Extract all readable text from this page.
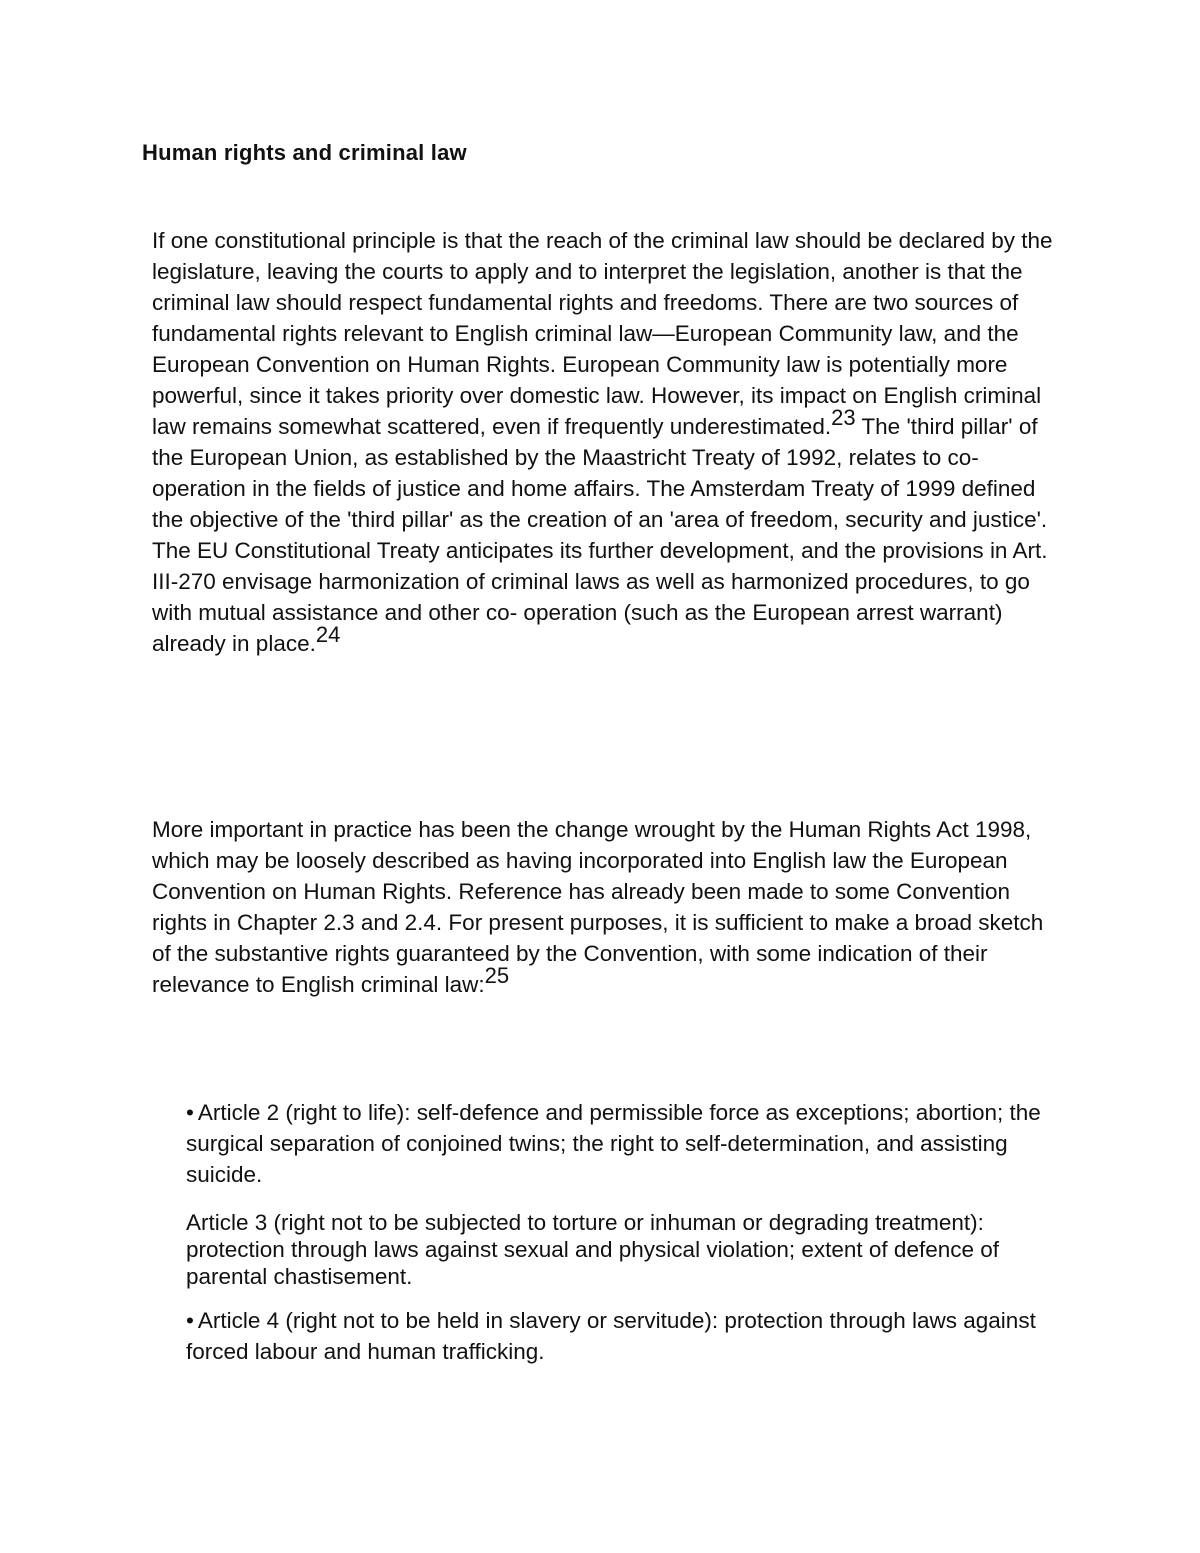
Human rights and criminal law

If one constitutional principle is that the reach of the criminal law should be declared by the legislature, leaving the courts to apply and to interpret the legislation, another is that the criminal law should respect fundamental rights and freedoms. There are two sources of fundamental rights relevant to English criminal law—European Community law, and the European Convention on Human Rights. European Community law is potentially more powerful, since it takes priority over domestic law. However, its impact on English criminal law remains somewhat scattered, even if frequently underestimated.$^{23}$ The 'third pillar' of the European Union, as established by the Maastricht Treaty of 1992, relates to co-operation in the fields of justice and home affairs. The Amsterdam Treaty of 1999 defined the objective of the 'third pillar' as the creation of an 'area of freedom, security and justice'. The EU Constitutional Treaty anticipates its further development, and the provisions in Art. III-270 envisage harmonization of criminal laws as well as harmonized procedures, to go with mutual assistance and other co- operation (such as the European arrest warrant) already in place.$^{24}$

More important in practice has been the change wrought by the Human Rights Act 1998, which may be loosely described as having incorporated into English law the European Convention on Human Rights. Reference has already been made to some Convention rights in Chapter 2.3 and 2.4. For present purposes, it is sufficient to make a broad sketch of the substantive rights guaranteed by the Convention, with some indication of their relevance to English criminal law:$^{25}$

• Article 2 (right to life): self-defence and permissible force as exceptions; abortion; the surgical separation of conjoined twins; the right to self-determination, and assisting suicide.

Article 3 (right not to be subjected to torture or inhuman or degrading treatment): protection through laws against sexual and physical violation; extent of defence of parental chastisement.

• Article 4 (right not to be held in slavery or servitude): protection through laws against forced labour and human trafficking.
